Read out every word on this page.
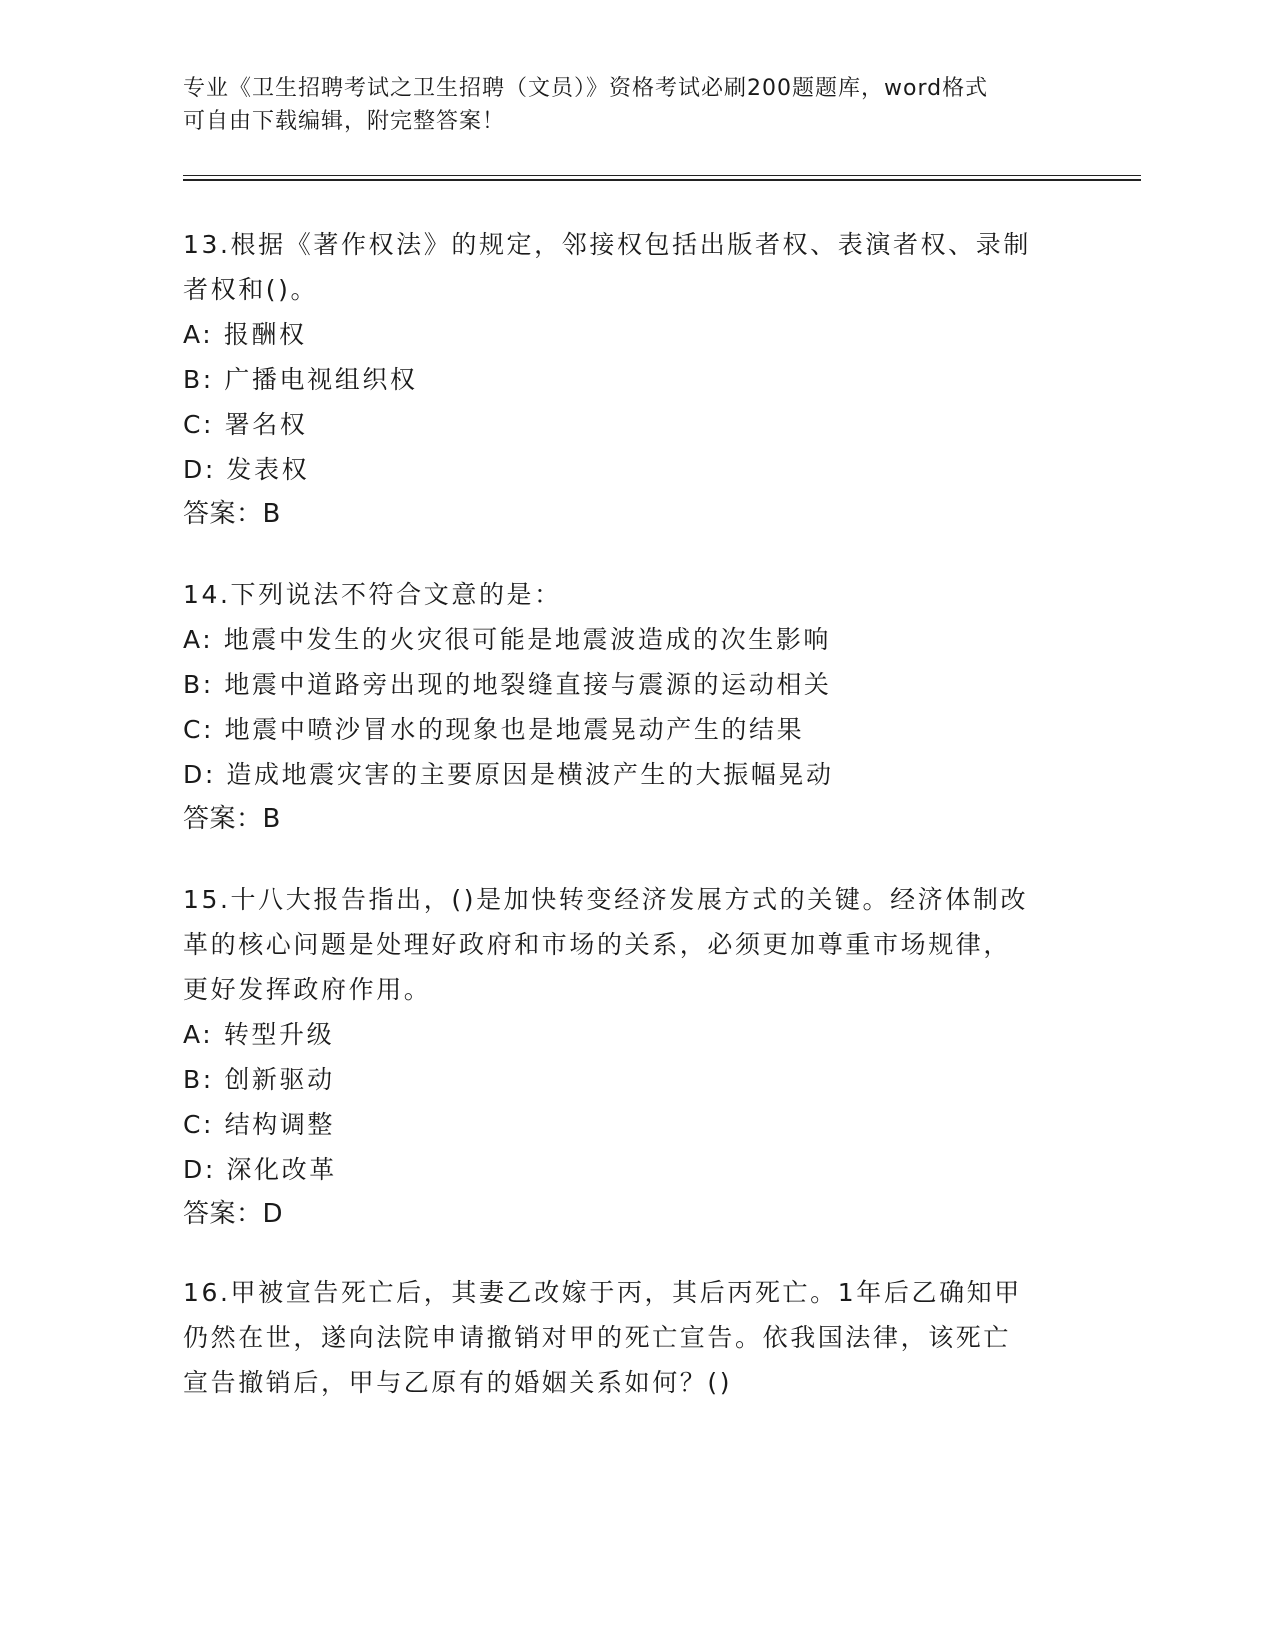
专业《卫生招聘考试之卫生招聘（文员）》资格考试必刷200题题库，word格式

可自由下载编辑，附完整答案！

13.根据《著作权法》的规定，邻接权包括出版者权、表演者权、录制

者权和()。

A: 报酬权

B: 广播电视组织权

C: 署名权

D: 发表权

答案：B

14.下列说法不符合文意的是：

A: 地震中发生的火灾很可能是地震波造成的次生影响

B: 地震中道路旁出现的地裂缝直接与震源的运动相关

C: 地震中喷沙冒水的现象也是地震晃动产生的结果

D: 造成地震灾害的主要原因是横波产生的大振幅晃动

答案：B

15.十八大报告指出，()是加快转变经济发展方式的关键。经济体制改

革的核心问题是处理好政府和市场的关系，必须更加尊重市场规律，

更好发挥政府作用。

A: 转型升级

B: 创新驱动

C: 结构调整

D: 深化改革

答案：D

16.甲被宣告死亡后，其妻乙改嫁于丙，其后丙死亡。1年后乙确知甲

仍然在世，遂向法院申请撤销对甲的死亡宣告。依我国法律，该死亡

宣告撤销后，甲与乙原有的婚姻关系如何？()
